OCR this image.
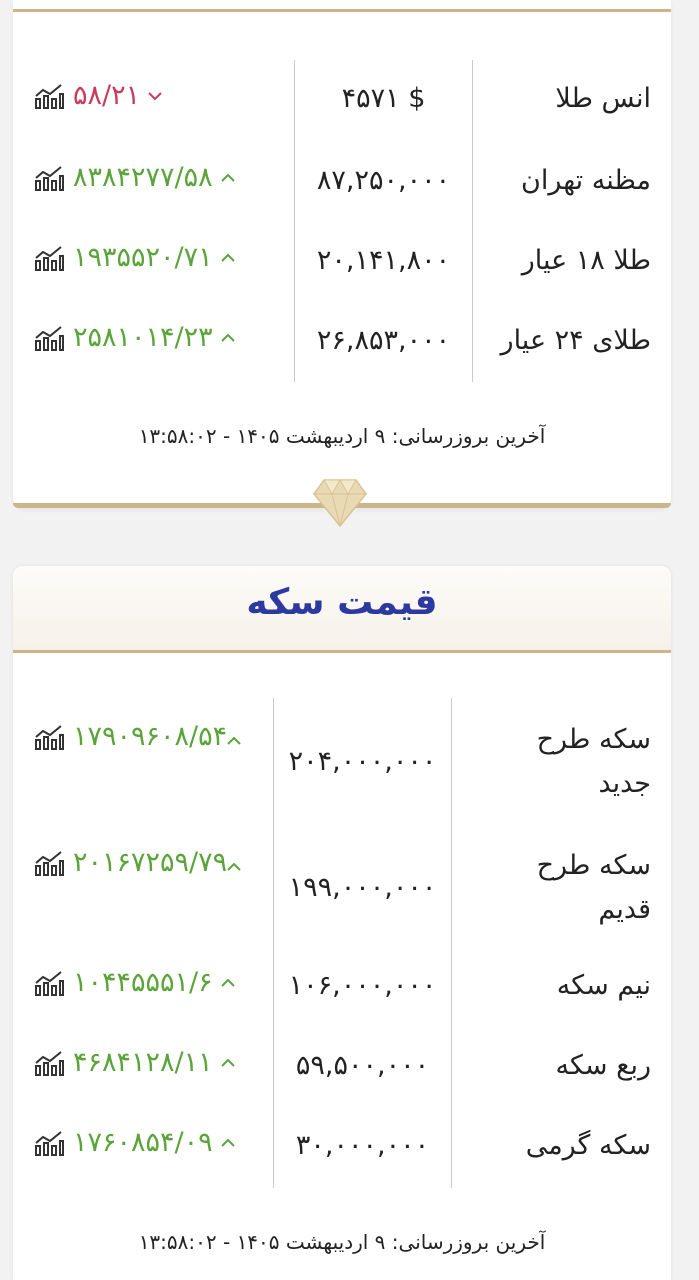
انس طلا
۴۵۷۱ $
۵۸/۲۱
مظنه تهران
۸۷,۲۵۰,۰۰۰
۸۳۸۴۲۷۷/۵۸
طلا ۱۸ عیار
۲۰,۱۴۱,۸۰۰
۱۹۳۵۵۲۰/۷۱
طلای ۲۴ عیار
۲۶,۸۵۳,۰۰۰
۲۵۸۱۰۱۴/۲۳
آخرین بروزرسانی: ۹ اردیبهشت ۱۴۰۵ - ۱۳:۵۸:۰۲
قیمت سکه
سکه طرح جدید
۲۰۴,۰۰۰,۰۰۰
۱۷۹۰۹۶۰۸/۵۴
سکه طرح قدیم
۱۹۹,۰۰۰,۰۰۰
۲۰۱۶۷۲۵۹/۷۹
نیم سکه
۱۰۶,۰۰۰,۰۰۰
۱۰۴۴۵۵۵۱/۶
ربع سکه
۵۹,۵۰۰,۰۰۰
۴۶۸۴۱۲۸/۱۱
سکه گرمی
۳۰,۰۰۰,۰۰۰
۱۷۶۰۸۵۴/۰۹
آخرین بروزرسانی: ۹ اردیبهشت ۱۴۰۵ - ۱۳:۵۸:۰۲
